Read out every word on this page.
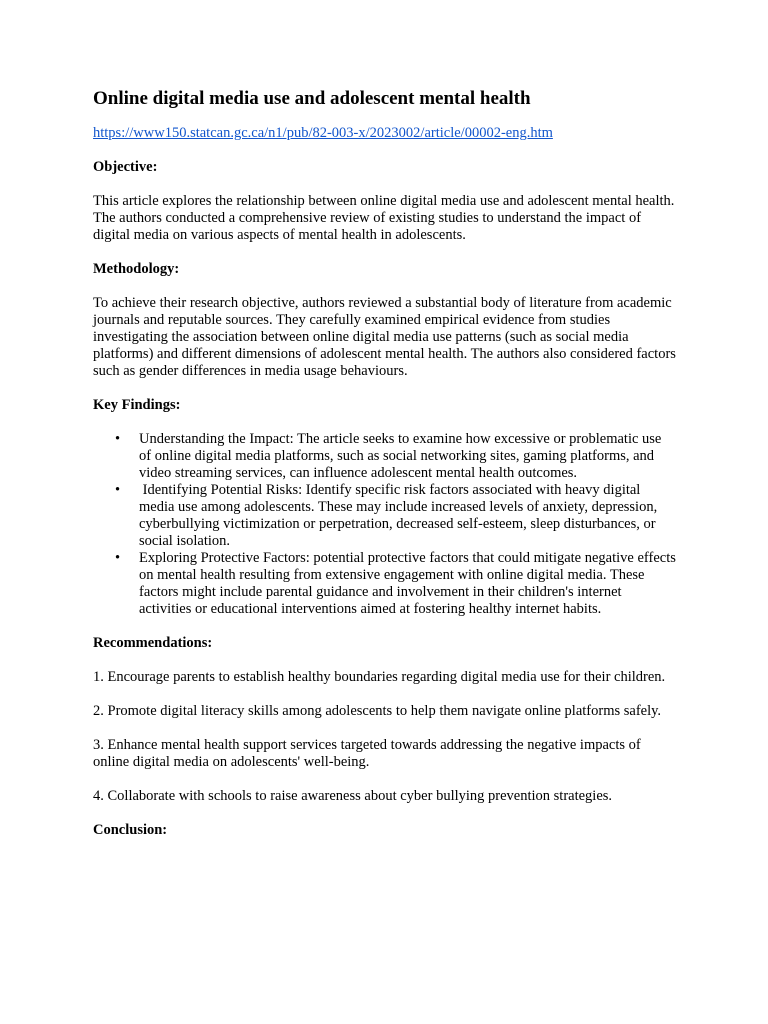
Online digital media use and adolescent mental health
https://www150.statcan.gc.ca/n1/pub/82-003-x/2023002/article/00002-eng.htm
Objective:

This article explores the relationship between online digital media use and adolescent mental health. The authors conducted a comprehensive review of existing studies to understand the impact of digital media on various aspects of mental health in adolescents.

Methodology:

To achieve their research objective, authors reviewed a substantial body of literature from academic journals and reputable sources. They carefully examined empirical evidence from studies investigating the association between online digital media use patterns (such as social media platforms) and different dimensions of adolescent mental health. The authors also considered factors such as gender differences in media usage behaviours.

Key Findings:
• Understanding the Impact: The article seeks to examine how excessive or problematic use of online digital media platforms, such as social networking sites, gaming platforms, and video streaming services, can influence adolescent mental health outcomes.
• Identifying Potential Risks: Identify specific risk factors associated with heavy digital media use among adolescents. These may include increased levels of anxiety, depression, cyberbullying victimization or perpetration, decreased self-esteem, sleep disturbances, or social isolation.
• Exploring Protective Factors: potential protective factors that could mitigate negative effects on mental health resulting from extensive engagement with online digital media. These factors might include parental guidance and involvement in their children's internet activities or educational interventions aimed at fostering healthy internet habits.
Recommendations:

1. Encourage parents to establish healthy boundaries regarding digital media use for their children.

2. Promote digital literacy skills among adolescents to help them navigate online platforms safely.

3. Enhance mental health support services targeted towards addressing the negative impacts of online digital media on adolescents' well-being.

4. Collaborate with schools to raise awareness about cyber bullying prevention strategies.

Conclusion:
